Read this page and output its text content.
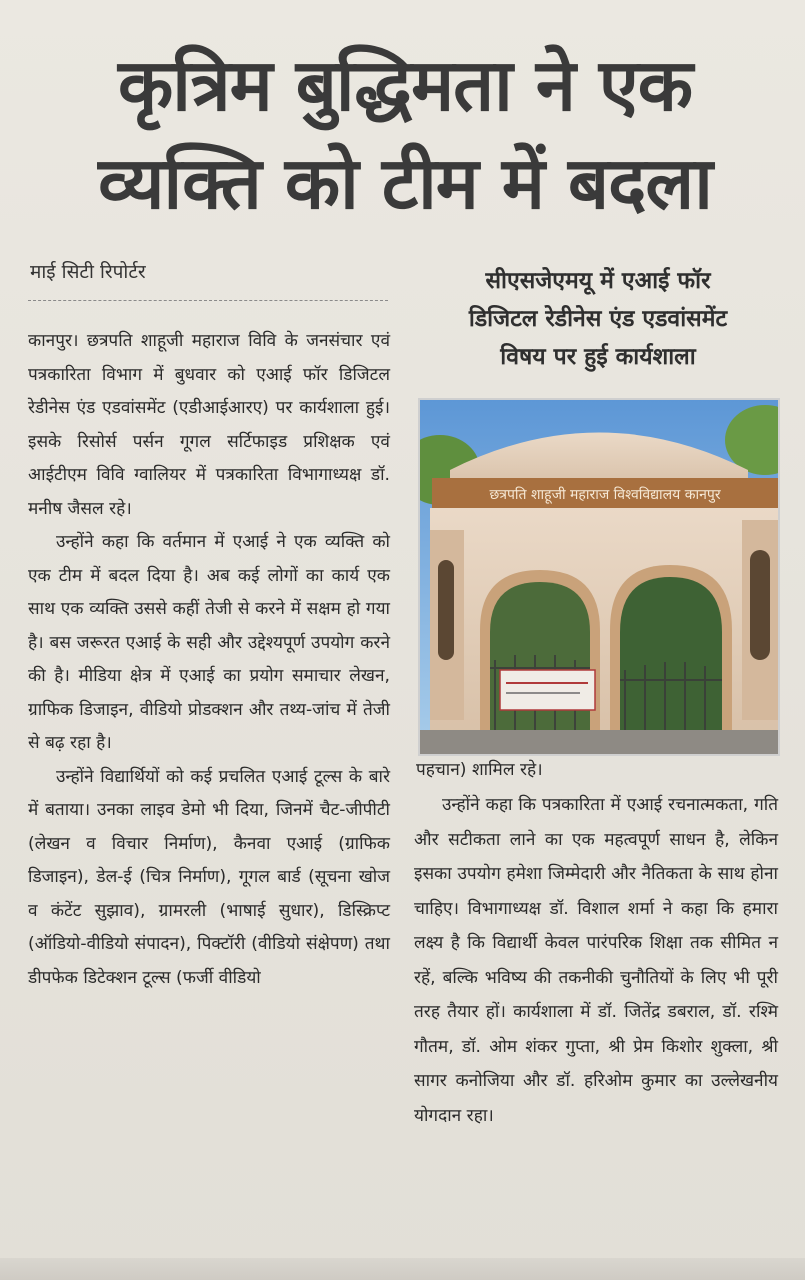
कृत्रिम बुद्धिमता ने एक
व्यक्ति को टीम में बदला
माई सिटी रिपोर्टर

कानपुर। छत्रपति शाहूजी महाराज विवि के जनसंचार एवं पत्रकारिता विभाग में बुधवार को एआई फॉर डिजिटल रेडीनेस एंड एडवांसमेंट (एडीआईआरए) पर कार्यशाला हुई। इसके रिसोर्स पर्सन गूगल सर्टिफाइड प्रशिक्षक एवं आईटीएम विवि ग्वालियर में पत्रकारिता विभागाध्यक्ष डॉ. मनीष जैसल रहे।

उन्होंने कहा कि वर्तमान में एआई ने एक व्यक्ति को एक टीम में बदल दिया है। अब कई लोगों का कार्य एक साथ एक व्यक्ति उससे कहीं तेजी से करने में सक्षम हो गया है। बस जरूरत एआई के सही और उद्देश्यपूर्ण उपयोग करने की है। मीडिया क्षेत्र में एआई का प्रयोग समाचार लेखन, ग्राफिक डिजाइन, वीडियो प्रोडक्शन और तथ्य-जांच में तेजी से बढ़ रहा है।

उन्होंने विद्यार्थियों को कई प्रचलित एआई टूल्स के बारे में बताया। उनका लाइव डेमो भी दिया, जिनमें चैट-जीपीटी (लेखन व विचार निर्माण), कैनवा एआई (ग्राफिक डिजाइन), डेल-ई (चित्र निर्माण), गूगल बार्ड (सूचना खोज व कंटेंट सुझाव), ग्रामरली (भाषाई सुधार), डिस्क्रिप्ट (ऑडियो-वीडियो संपादन), पिक्टॉरी (वीडियो संक्षेपण) तथा डीपफेक डिटेक्शन टूल्स (फर्जी वीडियो

सीएसजेएमयू में एआई फॉर
डिजिटल रेडीनेस एंड एडवांसमेंट
विषय पर हुई कार्यशाला
छत्रपति शाहूजी महाराज विश्वविद्यालय कानपुर
पहचान) शामिल रहे।

उन्होंने कहा कि पत्रकारिता में एआई रचनात्मकता, गति और सटीकता लाने का एक महत्वपूर्ण साधन है, लेकिन इसका उपयोग हमेशा जिम्मेदारी और नैतिकता के साथ होना चाहिए। विभागाध्यक्ष डॉ. विशाल शर्मा ने कहा कि हमारा लक्ष्य है कि विद्यार्थी केवल पारंपरिक शिक्षा तक सीमित न रहें, बल्कि भविष्य की तकनीकी चुनौतियों के लिए भी पूरी तरह तैयार हों। कार्यशाला में डॉ. जितेंद्र डबराल, डॉ. रश्मि गौतम, डॉ. ओम शंकर गुप्ता, श्री प्रेम किशोर शुक्ला, श्री सागर कनोजिया और डॉ. हरिओम कुमार का उल्लेखनीय योगदान रहा।
